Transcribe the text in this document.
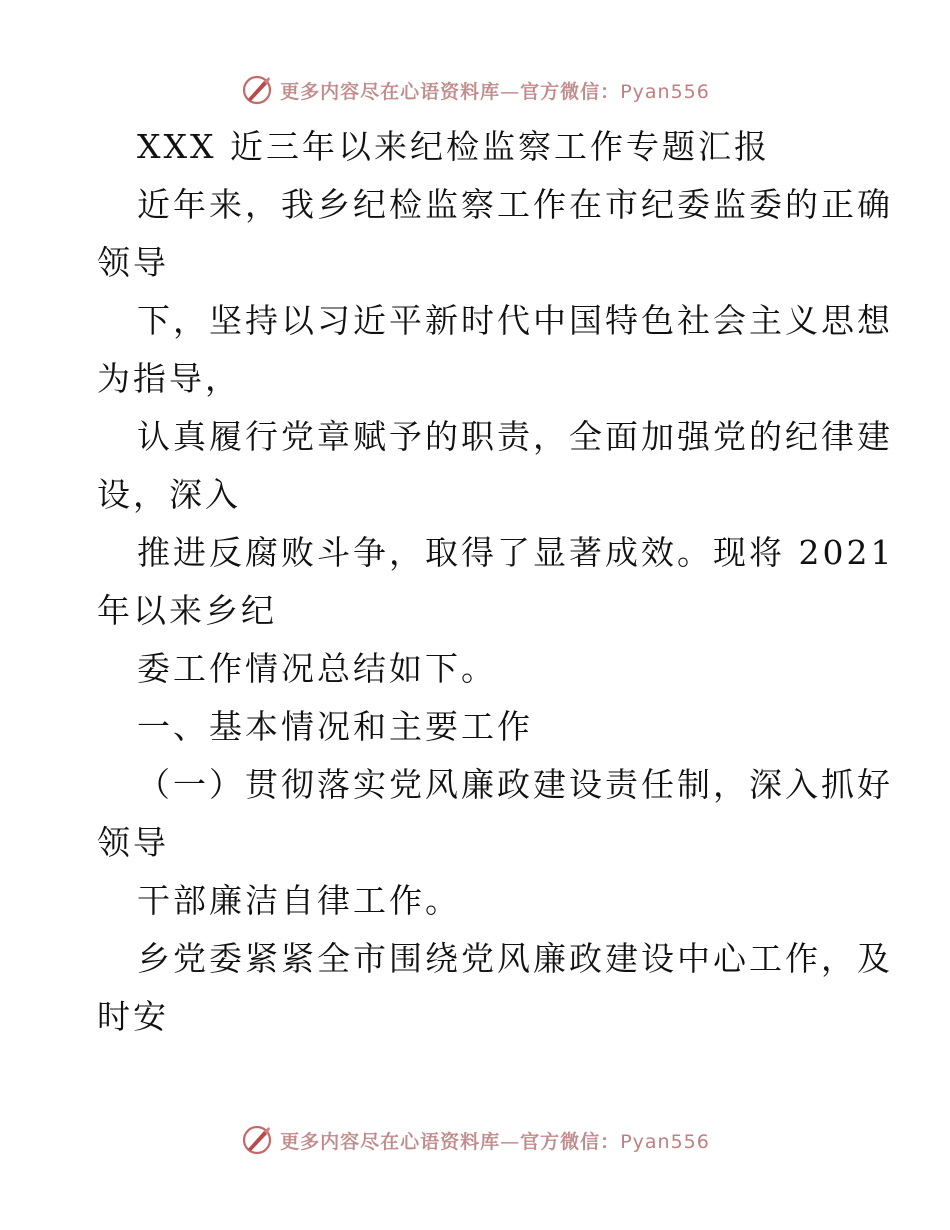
更多内容尽在心语资料库—官方微信：Pyan556
XXX 近三年以来纪检监察工作专题汇报
近年来，我乡纪检监察工作在市纪委监委的正确
领导
下，坚持以习近平新时代中国特色社会主义思想
为指导，
认真履行党章赋予的职责，全面加强党的纪律建
设，深入
推进反腐败斗争，取得了显著成效。现将 2021
年以来乡纪
委工作情况总结如下。
一、基本情况和主要工作
（一）贯彻落实党风廉政建设责任制，深入抓好
领导
干部廉洁自律工作。
乡党委紧紧全市围绕党风廉政建设中心工作，及
时安
更多内容尽在心语资料库—官方微信：Pyan556
